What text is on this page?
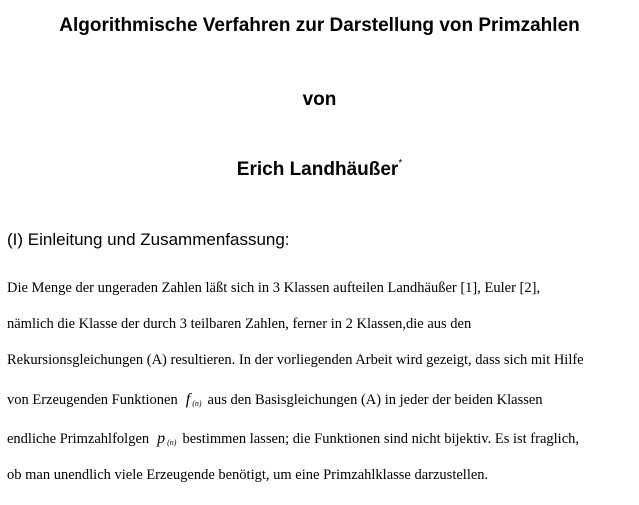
Algorithmische Verfahren zur Darstellung von Primzahlen
von
Erich Landhäußer*
(I) Einleitung und Zusammenfassung:
Die Menge der ungeraden Zahlen läßt sich in 3 Klassen aufteilen Landhäußer [1], Euler [2],
nämlich die Klasse der durch 3 teilbaren Zahlen, ferner in 2 Klassen,die aus den
Rekursionsgleichungen (A) resultieren. In der vorliegenden Arbeit wird gezeigt, dass sich mit Hilfe
von Erzeugenden Funktionen f $_{(n)}$ aus den Basisgleichungen (A) in jeder der beiden Klassen
endliche Primzahlfolgen p $_{(n)}$ bestimmen lassen; die Funktionen sind nicht bijektiv. Es ist fraglich,
ob man unendlich viele Erzeugende benötigt, um eine Primzahlklasse darzustellen.
